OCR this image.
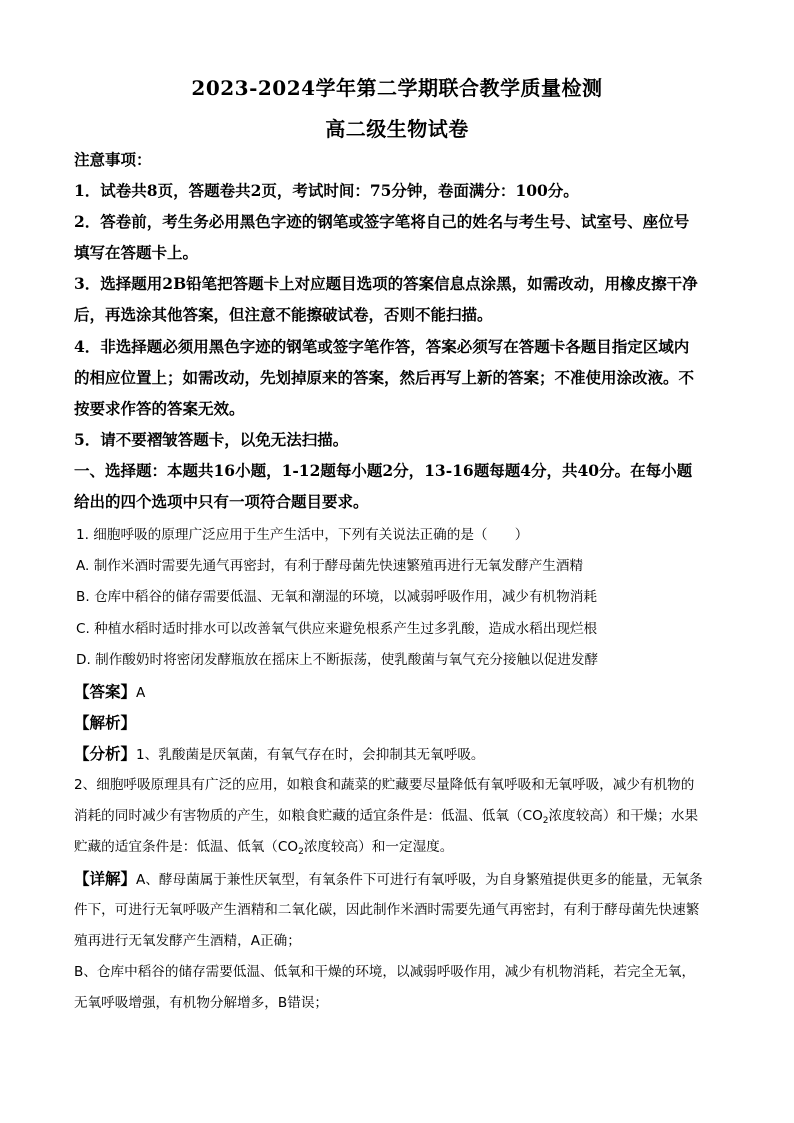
2023-2024学年第二学期联合教学质量检测
高二级生物试卷
注意事项：
1．试卷共8页，答题卷共2页，考试时间：75分钟，卷面满分：100分。
2．答卷前，考生务必用黑色字迹的钢笔或签字笔将自己的姓名与考生号、试室号、座位号
填写在答题卡上。
3．选择题用2B铅笔把答题卡上对应题目选项的答案信息点涂黑，如需改动，用橡皮擦干净
后，再选涂其他答案，但注意不能擦破试卷，否则不能扫描。
4．非选择题必须用黑色字迹的钢笔或签字笔作答，答案必须写在答题卡各题目指定区域内
的相应位置上；如需改动，先划掉原来的答案，然后再写上新的答案；不准使用涂改液。不
按要求作答的答案无效。
5．请不要褶皱答题卡，以免无法扫描。
一、选择题：本题共16小题，1-12题每小题2分，13-16题每题4分，共40分。在每小题
给出的四个选项中只有一项符合题目要求。
1. 细胞呼吸的原理广泛应用于生产生活中，下列有关说法正确的是（　　）
A. 制作米酒时需要先通气再密封，有利于酵母菌先快速繁殖再进行无氧发酵产生酒精
B. 仓库中稻谷的储存需要低温、无氧和潮湿的环境，以减弱呼吸作用，减少有机物消耗
C. 种植水稻时适时排水可以改善氧气供应来避免根系产生过多乳酸，造成水稻出现烂根
D. 制作酸奶时将密闭发酵瓶放在摇床上不断振荡，使乳酸菌与氧气充分接触以促进发酵
【答案】A
【解析】
【分析】1、乳酸菌是厌氧菌，有氧气存在时，会抑制其无氧呼吸。
2、细胞呼吸原理具有广泛的应用，如粮食和蔬菜的贮藏要尽量降低有氧呼吸和无氧呼吸，减少有机物的
消耗的同时减少有害物质的产生，如粮食贮藏的适宜条件是：低温、低氧（$CO_2$浓度较高）和干燥；水果
贮藏的适宜条件是：低温、低氧（$CO_2$浓度较高）和一定湿度。
【详解】A、酵母菌属于兼性厌氧型，有氧条件下可进行有氧呼吸，为自身繁殖提供更多的能量，无氧条
件下，可进行无氧呼吸产生酒精和二氧化碳，因此制作米酒时需要先通气再密封，有利于酵母菌先快速繁
殖再进行无氧发酵产生酒精，A正确；
B、仓库中稻谷的储存需要低温、低氧和干燥的环境，以减弱呼吸作用，减少有机物消耗，若完全无氧，
无氧呼吸增强，有机物分解增多，B错误；
